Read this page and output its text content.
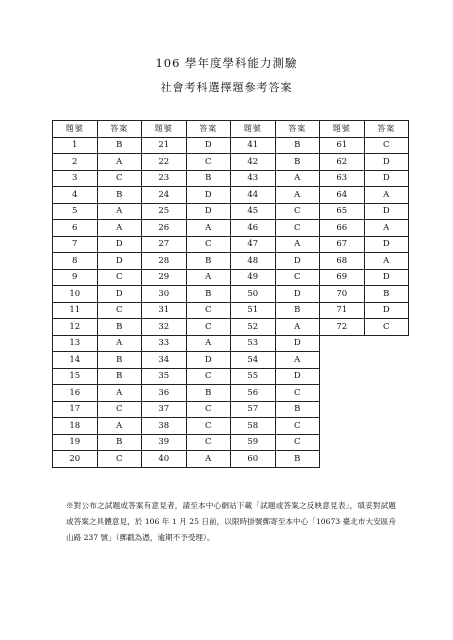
106 學年度學科能力測驗
社會考科選擇題參考答案
題號	答案	題號	答案	題號	答案	題號	答案
1	B	21	D	41	B	61	C
2	A	22	C	42	B	62	D
3	C	23	B	43	A	63	D
4	B	24	D	44	A	64	A
5	A	25	D	45	C	65	D
6	A	26	A	46	C	66	A
7	D	27	C	47	A	67	D
8	D	28	B	48	D	68	A
9	C	29	A	49	C	69	D
10	D	30	B	50	D	70	B
11	C	31	C	51	B	71	D
12	B	32	C	52	A	72	C
13	A	33	A	53	D		
14	B	34	D	54	A		
15	B	35	C	55	D		
16	A	36	B	56	C		
17	C	37	C	57	B		
18	A	38	C	58	C		
19	B	39	C	59	C		
20	C	40	A	60	B		
※對公布之試題或答案有意見者，請至本中心網站下載「試題或答案之反映意見表」，填妥對試題或答案之具體意見，於 106 年 1 月 25 日前，以限時掛號郵寄至本中心「10673 臺北市大安區舟山路 237 號」（郵戳為憑，逾期不予受理）。
